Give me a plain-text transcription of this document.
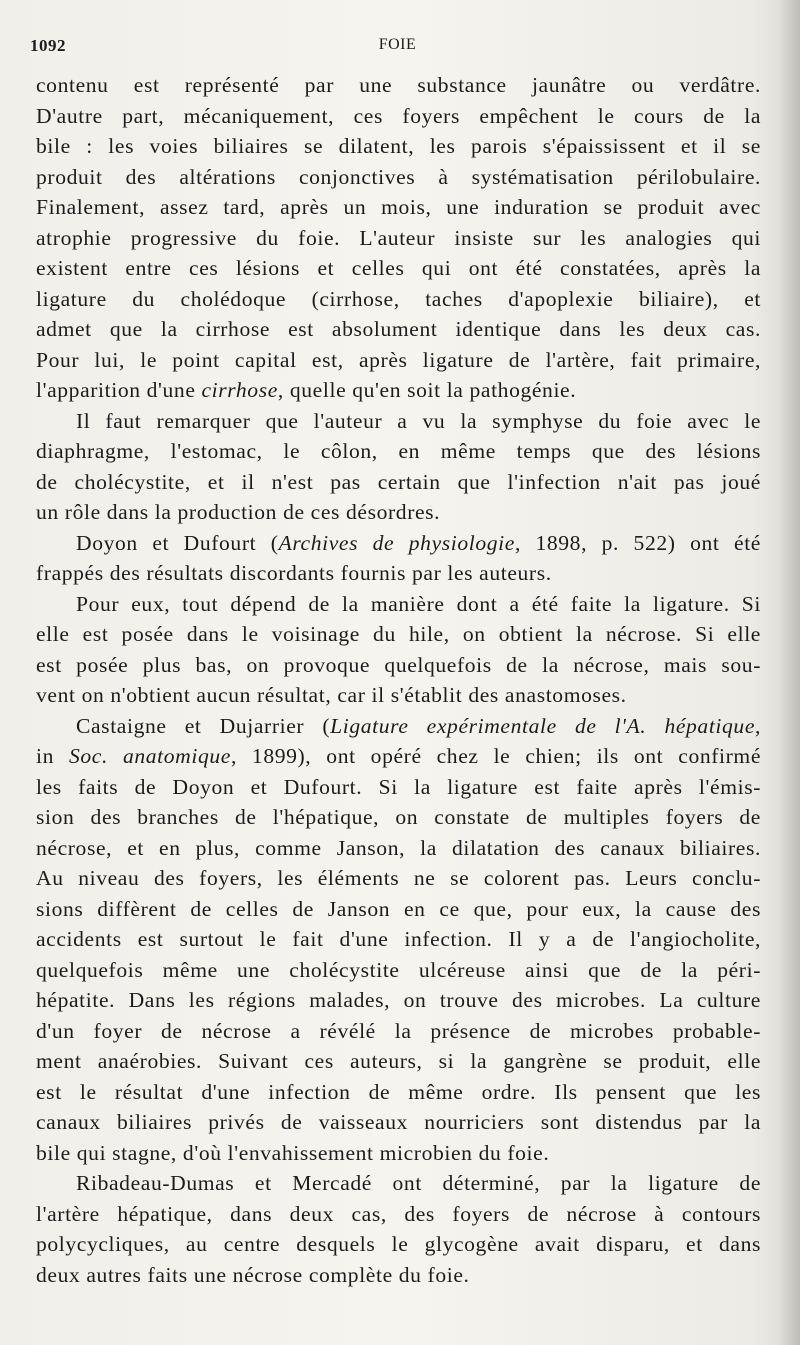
1092	FOIE
contenu est représenté par une substance jaunâtre ou verdâtre.
D'autre part, mécaniquement, ces foyers empêchent le cours de la
bile : les voies biliaires se dilatent, les parois s'épaississent et il se
produit des altérations conjonctives à systématisation périlobulaire.
Finalement, assez tard, après un mois, une induration se produit avec
atrophie progressive du foie. L'auteur insiste sur les analogies qui
existent entre ces lésions et celles qui ont été constatées, après la
ligature du cholédoque (cirrhose, taches d'apoplexie biliaire), et
admet que la cirrhose est absolument identique dans les deux cas.
Pour lui, le point capital est, après ligature de l'artère, fait primaire,
l'apparition d'une cirrhose, quelle qu'en soit la pathogénie.
Il faut remarquer que l'auteur a vu la symphyse du foie avec le
diaphragme, l'estomac, le côlon, en même temps que des lésions
de cholécystite, et il n'est pas certain que l'infection n'ait pas joué
un rôle dans la production de ces désordres.
Doyon et Dufourt (Archives de physiologie, 1898, p. 522) ont été
frappés des résultats discordants fournis par les auteurs.
Pour eux, tout dépend de la manière dont a été faite la ligature. Si
elle est posée dans le voisinage du hile, on obtient la nécrose. Si elle
est posée plus bas, on provoque quelquefois de la nécrose, mais sou-
vent on n'obtient aucun résultat, car il s'établit des anastomoses.
Castaigne et Dujarrier (Ligature expérimentale de l'A. hépatique,
in Soc. anatomique, 1899), ont opéré chez le chien; ils ont confirmé
les faits de Doyon et Dufourt. Si la ligature est faite après l'émis-
sion des branches de l'hépatique, on constate de multiples foyers de
nécrose, et en plus, comme Janson, la dilatation des canaux biliaires.
Au niveau des foyers, les éléments ne se colorent pas. Leurs conclu-
sions diffèrent de celles de Janson en ce que, pour eux, la cause des
accidents est surtout le fait d'une infection. Il y a de l'angiocholite,
quelquefois même une cholécystite ulcéreuse ainsi que de la péri-
hépatite. Dans les régions malades, on trouve des microbes. La culture
d'un foyer de nécrose a révélé la présence de microbes probable-
ment anaérobies. Suivant ces auteurs, si la gangrène se produit, elle
est le résultat d'une infection de même ordre. Ils pensent que les
canaux biliaires privés de vaisseaux nourriciers sont distendus par la
bile qui stagne, d'où l'envahissement microbien du foie.
Ribadeau-Dumas et Mercadé ont déterminé, par la ligature de
l'artère hépatique, dans deux cas, des foyers de nécrose à contours
polycycliques, au centre desquels le glycogène avait disparu, et dans
deux autres faits une nécrose complète du foie.
